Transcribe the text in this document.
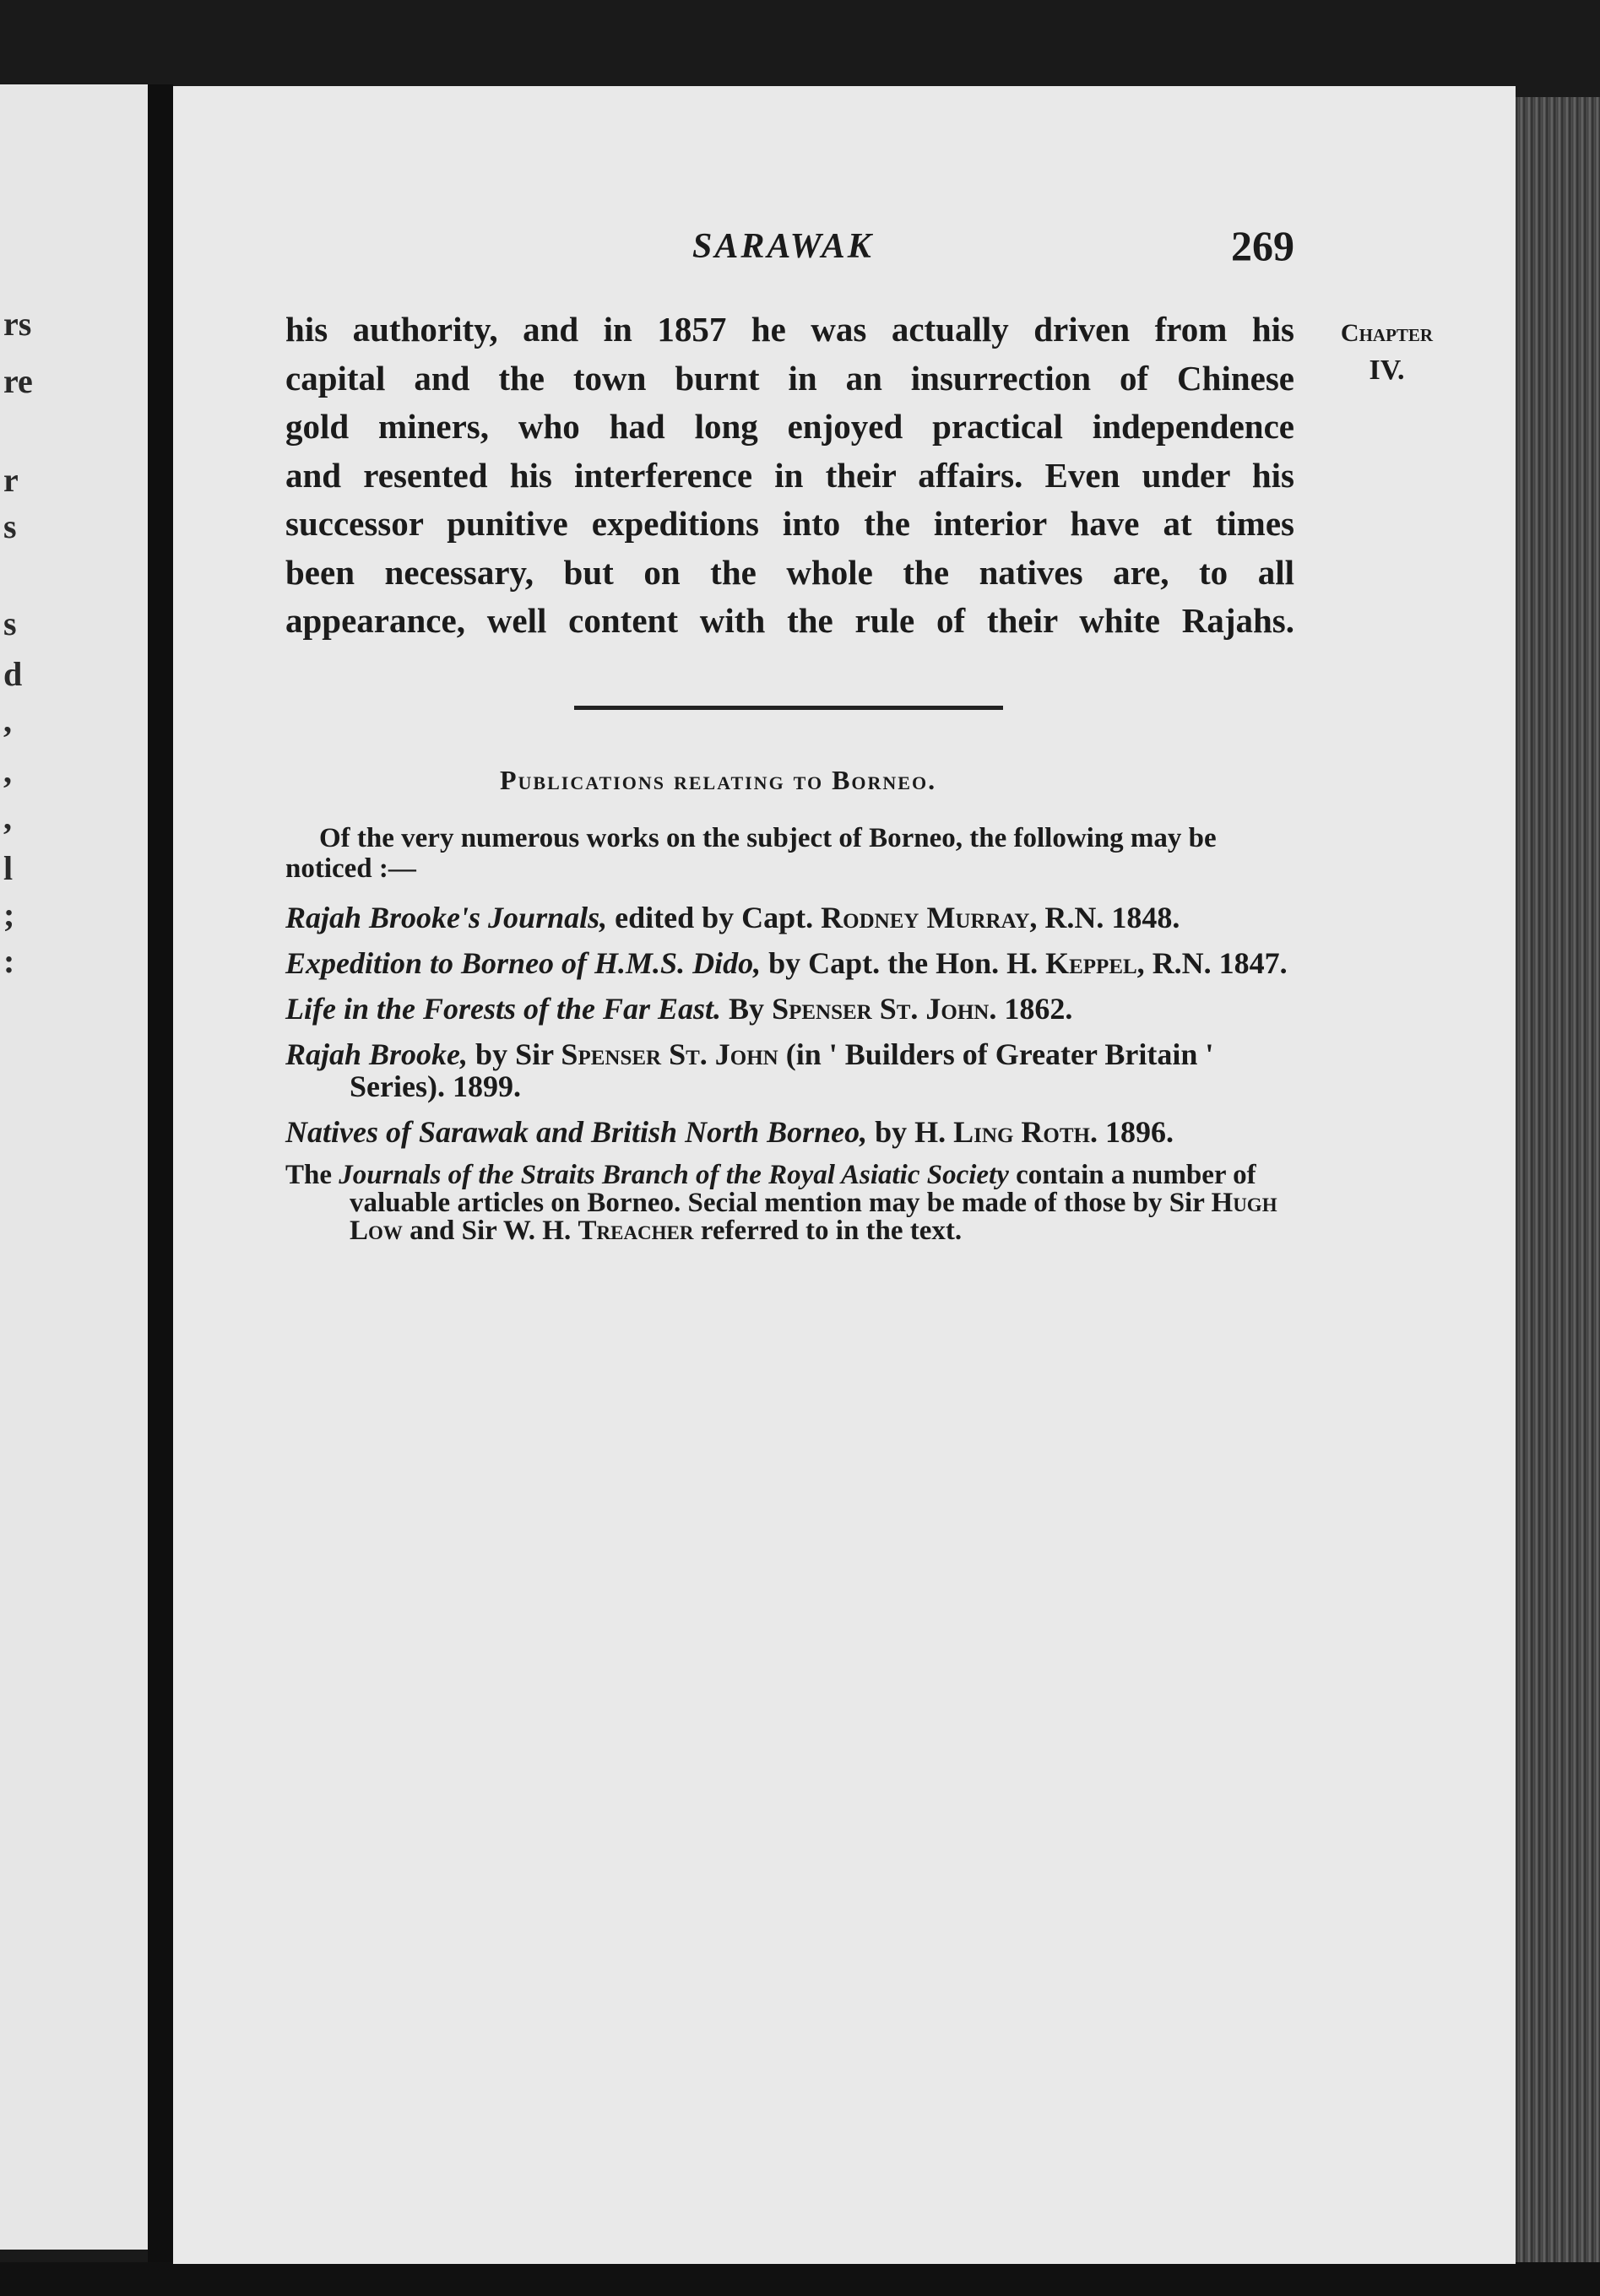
rs
re
r
s
s
d
,
,
,
l
;
:
SARAWAK	269
Chapter
IV.
his authority, and in 1857 he was actually driven from his
capital and the town burnt in an insurrection of Chinese
gold miners, who had long enjoyed practical independence
and resented his interference in their affairs. Even under his
successor punitive expeditions into the interior have at times
been necessary, but on the whole the natives are, to all
appearance, well content with the rule of their white Rajahs.
Publications relating to Borneo.
Of the very numerous works on the subject of Borneo, the following may be noticed :—
Rajah Brooke's Journals, edited by Capt. Rodney Murray, R.N. 1848.
Expedition to Borneo of H.M.S. Dido, by Capt. the Hon. H. Keppel, R.N. 1847.
Life in the Forests of the Far East. By Spenser St. John. 1862.
Rajah Brooke, by Sir Spenser St. John (in ' Builders of Greater Britain ' Series). 1899.
Natives of Sarawak and British North Borneo, by H. Ling Roth. 1896.
The Journals of the Straits Branch of the Royal Asiatic Society contain a number of valuable articles on Borneo. Secial mention may be made of those by Sir Hugh Low and Sir W. H. Treacher referred to in the text.
